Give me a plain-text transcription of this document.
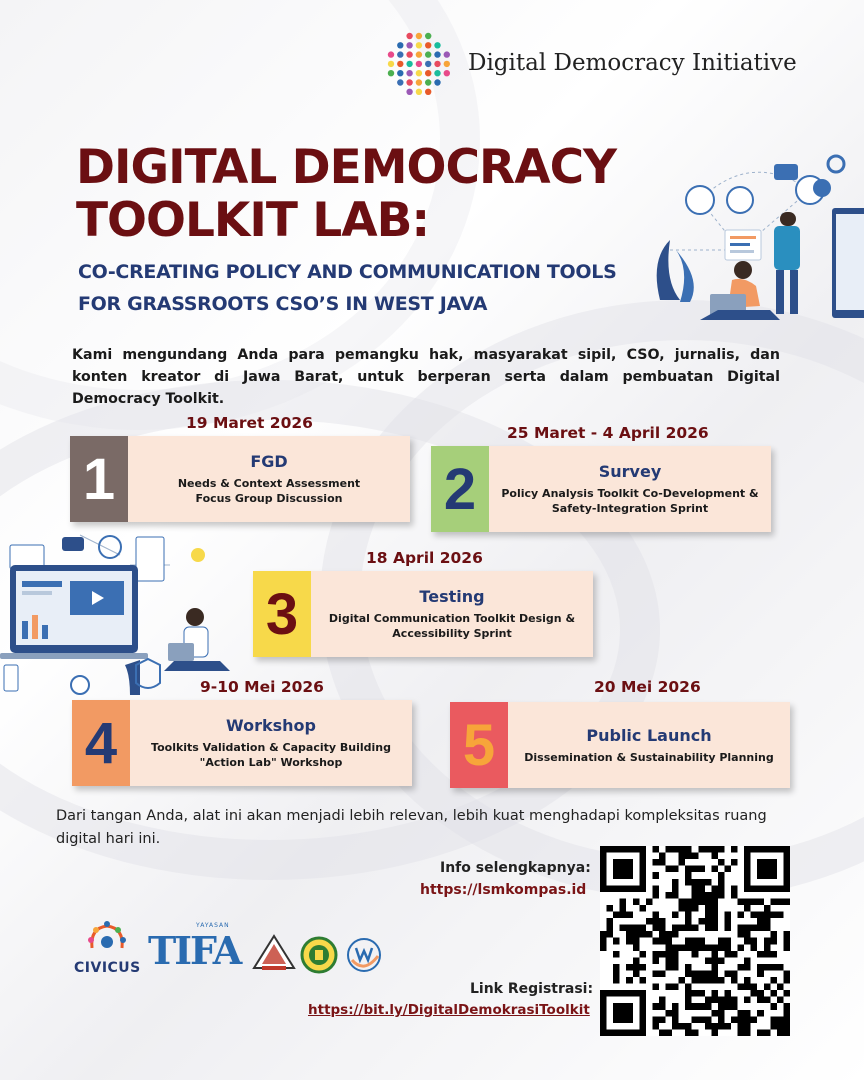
Digital Democracy Initiative
DIGITAL DEMOCRACY
TOOLKIT LAB:
CO-CREATING POLICY AND COMMUNICATION TOOLS
FOR GRASSROOTS CSO’S IN WEST JAVA
Kami mengundang Anda para pemangku hak, masyarakat sipil, CSO, jurnalis, dan konten kreator di Jawa Barat, untuk berperan serta dalam pembuatan Digital Democracy Toolkit.
19 Maret 2026
1	FGD
Needs & Context Assessment
Focus Group Discussion
25 Maret - 4 April 2026
2	Survey
Policy Analysis Toolkit Co-Development &
Safety-Integration Sprint
18 April 2026
3	Testing
Digital Communication Toolkit Design &
Accessibility Sprint
9-10 Mei 2026
4	Workshop
Toolkits Validation & Capacity Building
"Action Lab" Workshop
20 Mei 2026
5	Public Launch
Dissemination & Sustainability Planning
Dari tangan Anda, alat ini akan menjadi lebih relevan, lebih kuat menghadapi kompleksitas ruang digital hari ini.
Info selengkapnya:
https://lsmkompas.id
Link Registrasi:
https://bit.ly/DigitalDemokrasiToolkit
CIVICUS
YAYASAN
TIFA
